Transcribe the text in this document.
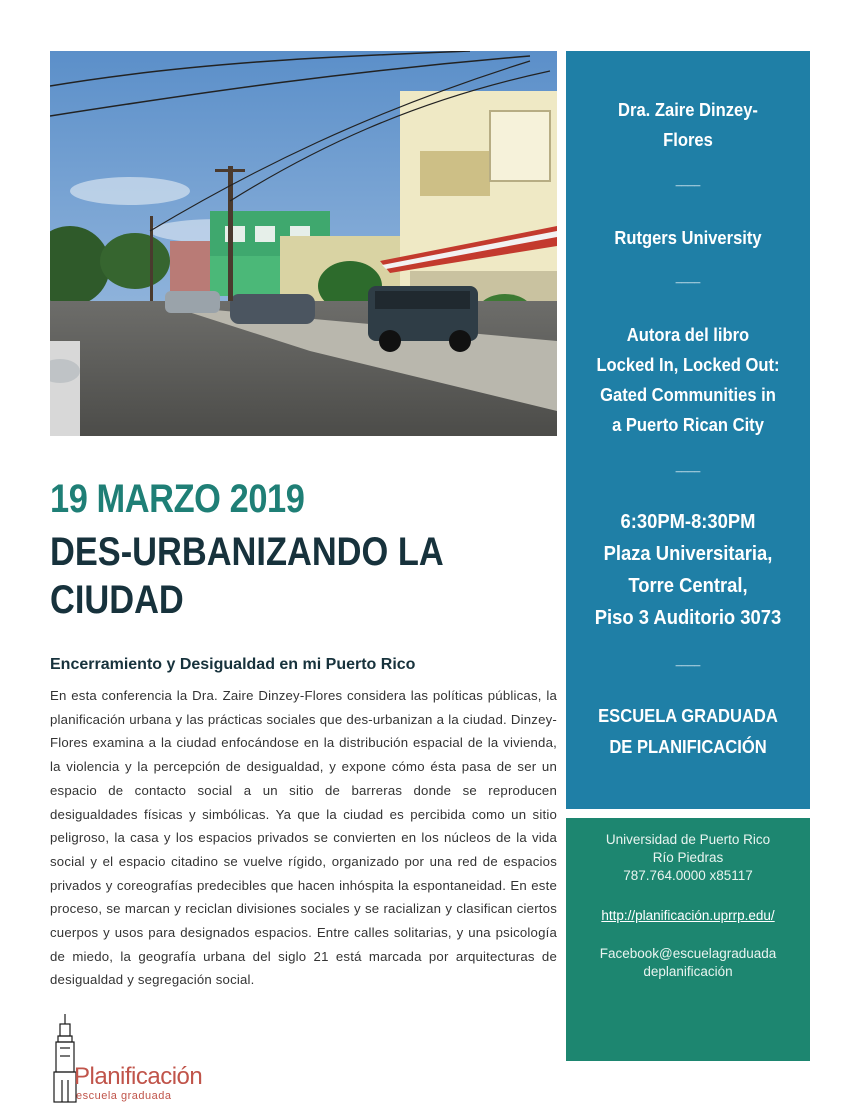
19 MARZO 2019
DES-URBANIZANDO LA CIUDAD
Encerramiento y Desigualdad en mi Puerto Rico
En esta conferencia la Dra. Zaire Dinzey-Flores considera las políticas públicas, la planificación urbana y las prácticas sociales que des-urbanizan a la ciudad. Dinzey-Flores examina a la ciudad enfocándose en la distribución espacial de la vivienda, la violencia y la percepción de desigualdad, y expone cómo ésta pasa de ser un espacio de contacto social a un sitio de barreras donde se reproducen desigualdades físicas y simbólicas. Ya que la ciudad es percibida como un sitio peligroso, la casa y los espacios privados se convierten en los núcleos de la vida social y el espacio citadino se vuelve rígido, organizado por una red de espacios privados y coreografías predecibles que hacen inhóspita la espontaneidad. En este proceso, se marcan y reciclan divisiones sociales y se racializan y clasifican ciertos cuerpos y usos para designados espacios. Entre calles solitarias, y una psicología de miedo, la geografía urbana del siglo 21 está marcada por arquitecturas de desigualdad y segregación social.
Dra. Zaire Dinzey-
Flores
____
Rutgers University
____
Autora del libro
Locked In, Locked Out:
Gated Communities in
a Puerto Rican City
____
6:30PM-8:30PM
Plaza Universitaria,
Torre Central,
Piso 3 Auditorio 3073
____
ESCUELA GRADUADA
DE PLANIFICACIÓN
Universidad de Puerto Rico
Río Piedras
787.764.0000 x85117
http://planificación.uprrp.edu/
Facebook@escuelagraduada
deplanificación
Planificación
escuela graduada
